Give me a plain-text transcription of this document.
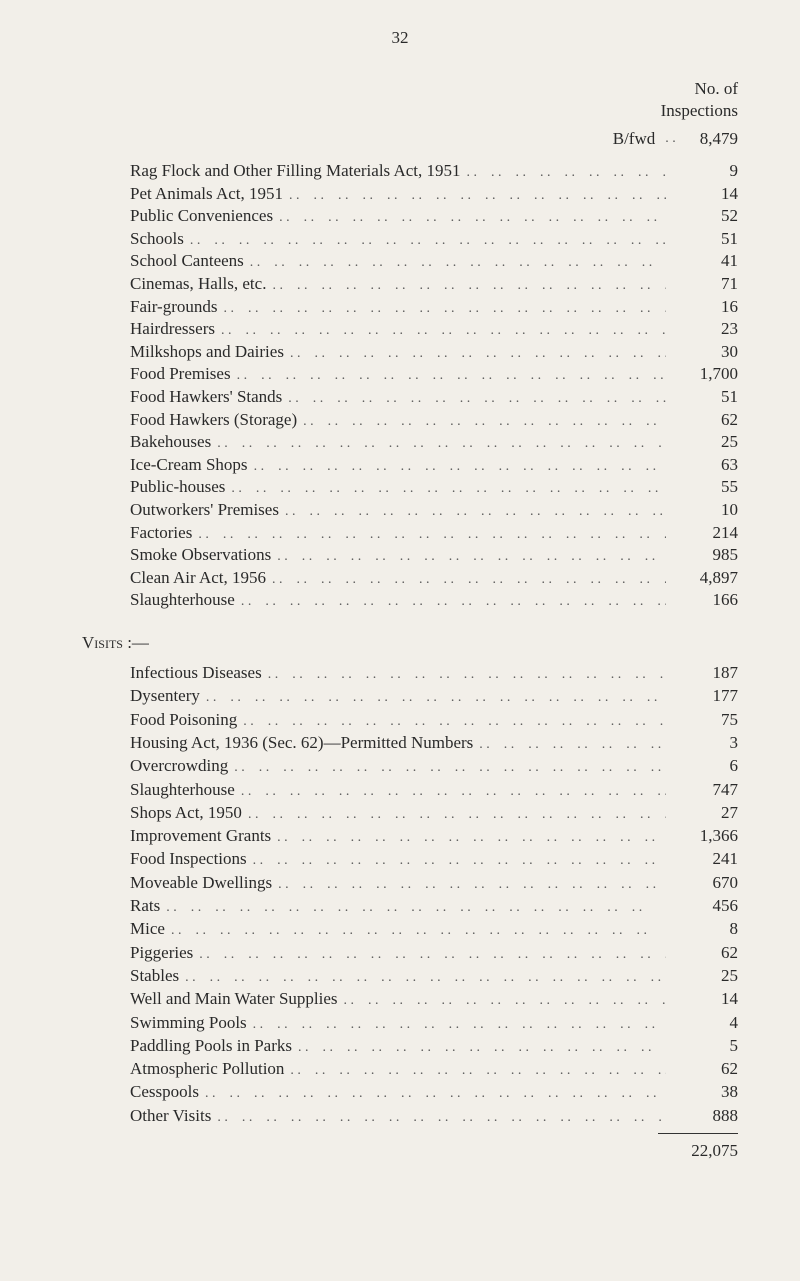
32
No. of
Inspections
B/fwd . . 8,479
Rag Flock and Other Filling Materials Act, 1951 . .	9
Pet Animals Act, 1951 . .	14
Public Conveniences . .	52
Schools . .	51
School Canteens . .	41
Cinemas, Halls, etc. . .	71
Fair-grounds . .	16
Hairdressers . .	23
Milkshops and Dairies . .	30
Food Premises . .	1,700
Food Hawkers' Stands . .	51
Food Hawkers (Storage) . .	62
Bakehouses . .	25
Ice-Cream Shops . .	63
Public-houses . .	55
Outworkers' Premises . .	10
Factories . .	214
Smoke Observations . .	985
Clean Air Act, 1956 . .	4,897
Slaughterhouse . .	166
Visits :—
Infectious Diseases . .	187
Dysentery . .	177
Food Poisoning . .	75
Housing Act, 1936 (Sec. 62)—Permitted Numbers . .	3
Overcrowding . .	6
Slaughterhouse . .	747
Shops Act, 1950 . .	27
Improvement Grants . .	1,366
Food Inspections . .	241
Moveable Dwellings . .	670
Rats . .	456
Mice . .	8
Piggeries . .	62
Stables . .	25
Well and Main Water Supplies . .	14
Swimming Pools . .	4
Paddling Pools in Parks . .	5
Atmospheric Pollution . .	62
Cesspools . .	38
Other Visits . .	888
22,075
